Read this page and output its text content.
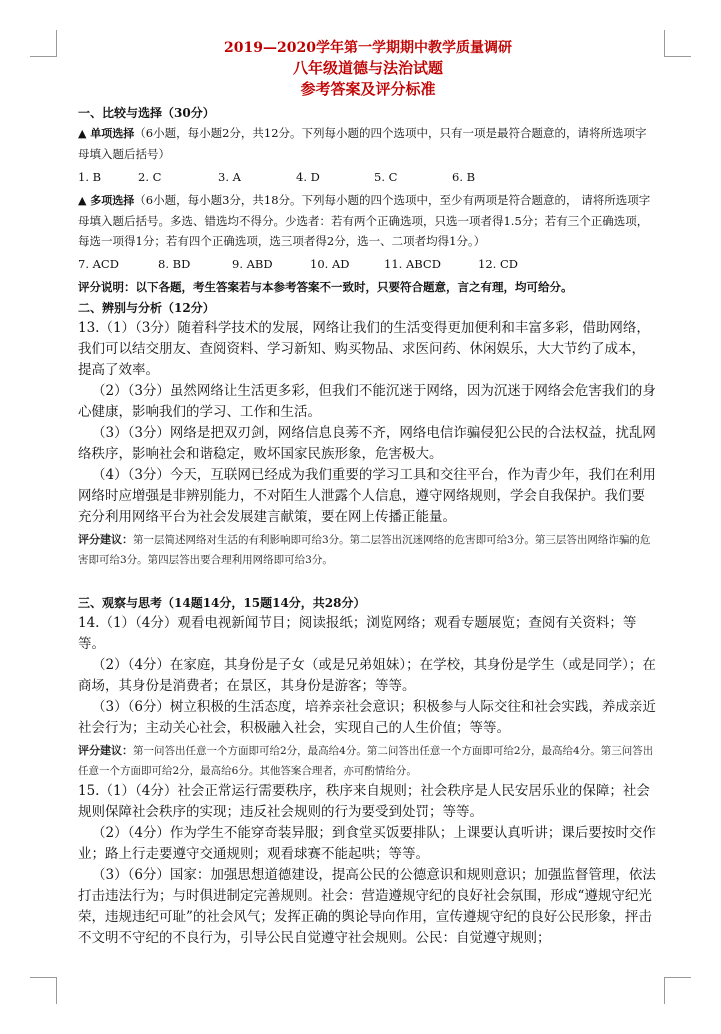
2019—2020学年第一学期期中教学质量调研

八年级道德与法治试题

参考答案及评分标准

一、比较与选择（30分）

▲ 单项选择（6小题，每小题2分，共12分。下列每小题的四个选项中，只有一项是最符合题意的，请将所选项字母填入题后括号）

1. B	2. C	3. A	4. D	5. C	6. B

▲ 多项选择（6小题，每小题3分，共18分。下列每小题的四个选项中，至少有两项是符合题意的， 请将所选项字母填入题后括号。多选、错选均不得分。少选者：若有两个正确选项，只选一项者得1.5分；若有三个正确选项，每选一项得1分；若有四个正确选项，选三项者得2分，选一、二项者均得1分。）

7. ACD	8. BD	9. ABD	10. AD	11. ABCD	12. CD

评分说明：以下各题，考生答案若与本参考答案不一致时，只要符合题意，言之有理，均可给分。

二、辨别与分析（12分）

13.（1）（3分）随着科学技术的发展，网络让我们的生活变得更加便利和丰富多彩，借助网络，我们可以结交朋友、查阅资料、学习新知、购买物品、求医问药、休闲娱乐，大大节约了成本，提高了效率。

（2）（3分）虽然网络让生活更多彩，但我们不能沉迷于网络，因为沉迷于网络会危害我们的身心健康，影响我们的学习、工作和生活。

（3）（3分）网络是把双刃剑，网络信息良莠不齐，网络电信诈骗侵犯公民的合法权益，扰乱网络秩序，影响社会和谐稳定，败坏国家民族形象，危害极大。

（4）（3分）今天，互联网已经成为我们重要的学习工具和交往平台，作为青少年，我们在利用网络时应增强是非辨别能力，不对陌生人泄露个人信息，遵守网络规则，学会自我保护。我们要充分利用网络平台为社会发展建言献策，要在网上传播正能量。

评分建议：第一层简述网络对生活的有利影响即可给3分。第二层答出沉迷网络的危害即可给3分。第三层答出网络诈骗的危害即可给3分。第四层答出要合理利用网络即可给3分。

三、观察与思考（14题14分，15题14分，共28分）

14.（1）（4分）观看电视新闻节目；阅读报纸；浏览网络；观看专题展览；查阅有关资料；等等。

（2）（4分）在家庭，其身份是子女（或是兄弟姐妹）；在学校，其身份是学生（或是同学）；在商场，其身份是消费者；在景区，其身份是游客；等等。

（3）（6分）树立积极的生活态度，培养亲社会意识；积极参与人际交往和社会实践，养成亲近社会行为；主动关心社会，积极融入社会，实现自己的人生价值；等等。

评分建议：第一问答出任意一个方面即可给2分，最高给4分。第二问答出任意一个方面即可给2分，最高给4分。第三问答出任意一个方面即可给2分，最高给6分。其他答案合理者，亦可酌情给分。

15.（1）（4分）社会正常运行需要秩序，秩序来自规则；社会秩序是人民安居乐业的保障；社会规则保障社会秩序的实现；违反社会规则的行为要受到处罚；等等。

（2）（4分）作为学生不能穿奇装异服；到食堂买饭要排队；上课要认真听讲；课后要按时交作业；路上行走要遵守交通规则；观看球赛不能起哄；等等。

（3）（6分）国家：加强思想道德建设，提高公民的公德意识和规则意识；加强监督管理，依法打击违法行为；与时俱进制定完善规则。社会：营造遵规守纪的良好社会氛围，形成“遵规守纪光荣，违规违纪可耻”的社会风气；发挥正确的舆论导向作用，宣传遵规守纪的良好公民形象，抨击不文明不守纪的不良行为，引导公民自觉遵守社会规则。公民：自觉遵守规则；
